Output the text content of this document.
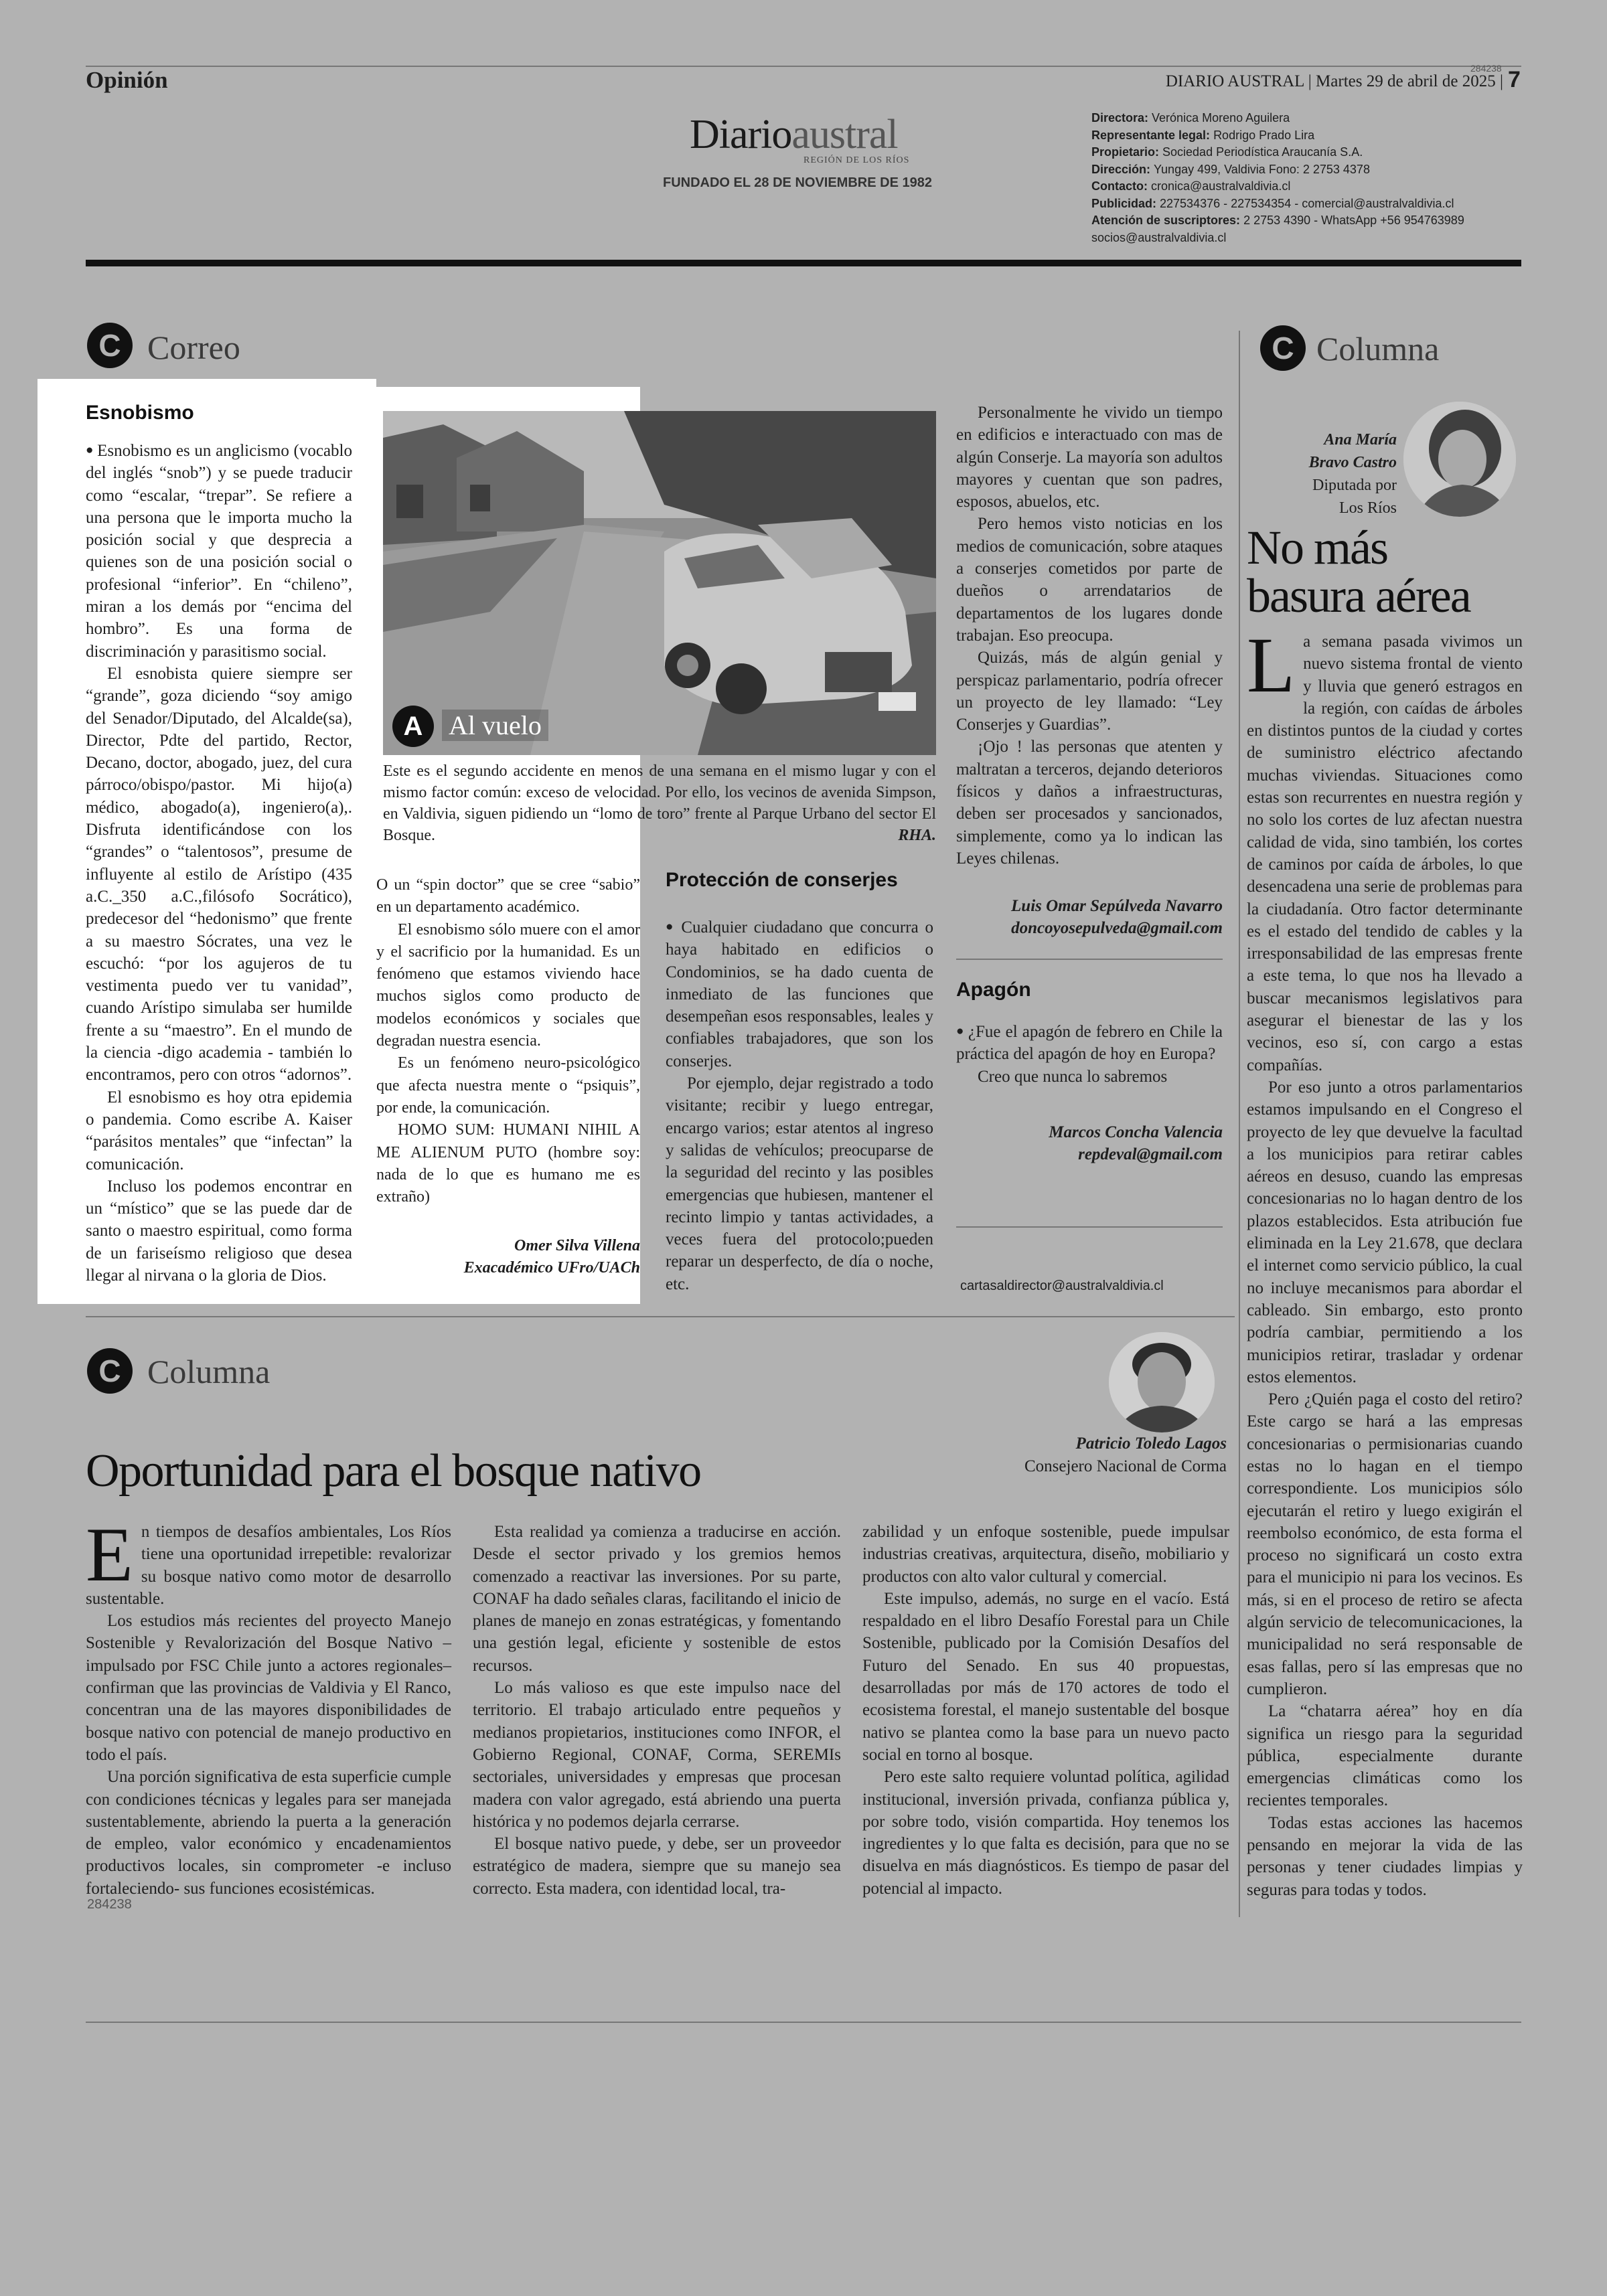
Opinión	DIARIO AUSTRAL | Martes 29 de abril de 2025 | 7
284238
Diarioaustral
REGIÓN DE LOS RÍOS
FUNDADO EL 28 DE NOVIEMBRE DE 1982
Directora: Verónica Moreno Aguilera
Representante legal: Rodrigo Prado Lira
Propietario: Sociedad Periodística Araucanía S.A.
Dirección: Yungay 499, Valdivia Fono: 2 2753 4378
Contacto: cronica@australvaldivia.cl
Publicidad: 227534376 - 227534354 - comercial@australvaldivia.cl
Atención de suscriptores: 2 2753 4390 - WhatsApp +56 954763989
socios@australvaldivia.cl
C Correo
Esnobismo

● Esnobismo es un anglicismo (vocablo del inglés “snob”) y se puede traducir como “escalar, “trepar”. Se refiere a una persona que le importa mucho la posición social y que desprecia a quienes son de una posición social o profesional “inferior”. En “chileno”, miran a los demás por “encima del hombro”. Es una forma de discriminación y parasitismo social.

El esnobista quiere siempre ser “grande”, goza diciendo “soy amigo del Senador/Diputado, del Alcalde(sa), Director, Pdte del partido, Rector, Decano, doctor, abogado, juez, del cura párroco/obispo/pastor. Mi hijo(a) médico, abogado(a), ingeniero(a),. Disfruta identificándose con los “grandes” o “talentosos”, presume de influyente al estilo de Arístipo (435 a.C._350 a.C.,filósofo Socrático), predecesor del “hedonismo” que frente a su maestro Sócrates, una vez le escuchó: “por los agujeros de tu vestimenta puedo ver tu vanidad”, cuando Arístipo simulaba ser humilde frente a su “maestro”. En el mundo de la ciencia -digo academia - también lo encontramos, pero con otros “adornos”.

El esnobismo es hoy otra epidemia o pandemia. Como escribe A. Kaiser “parásitos mentales” que “infectan” la comunicación.

Incluso los podemos encontrar en un “místico” que se las puede dar de santo o maestro espiritual, como forma de un fariseísmo religioso que desea llegar al nirvana o la gloria de Dios.

A Al vuelo
Este es el segundo accidente en menos de una semana en el mismo lugar y con el mismo factor común: exceso de velocidad. Por ello, los vecinos de avenida Simpson, en Valdivia, siguen pidiendo un “lomo de toro” frente al Parque Urbano del sector El Bosque.	RHA.

O un “spin doctor” que se cree “sabio” en un departamento académico.

El esnobismo sólo muere con el amor y el sacrificio por la humanidad. Es un fenómeno que estamos viviendo hace muchos siglos como producto de modelos económicos y sociales que degradan nuestra esencia.

Es un fenómeno neuro-psicológico que afecta nuestra mente o “psiquis”, por ende, la comunicación.

HOMO SUM: HUMANI NIHIL A ME ALIENUM PUTO (hombre soy: nada de lo que es humano me es extraño)

Omer Silva Villena
Exacadémico UFro/UACh
Protección de conserjes

● Cualquier ciudadano que concurra o haya habitado en edificios o Condominios, se ha dado cuenta de inmediato de las funciones que desempeñan esos responsables, leales y confiables trabajadores, que son los conserjes.

Por ejemplo, dejar registrado a todo visitante; recibir y luego entregar, encargo varios; estar atentos al ingreso y salidas de vehículos; preocuparse de la seguridad del recinto y las posibles emergencias que hubiesen, mantener el recinto limpio y tantas actividades, a veces fuera del protocolo;pueden reparar un desperfecto, de día o noche, etc.

Personalmente he vivido un tiempo en edificios e interactuado con mas de algún Conserje. La mayoría son adultos mayores y cuentan que son padres, esposos, abuelos, etc.

Pero hemos visto noticias en los medios de comunicación, sobre ataques a conserjes cometidos por parte de dueños o arrendatarios de departamentos de los lugares donde trabajan. Eso preocupa.

Quizás, más de algún genial y perspicaz parlamentario, podría ofrecer un proyecto de ley llamado: “Ley Conserjes y Guardias”.

¡Ojo ! las personas que atenten y maltratan a terceros, dejando deterioros físicos y daños a infraestructuras, deben ser procesados y sancionados, simplemente, como ya lo indican las Leyes chilenas.

Luis Omar Sepúlveda Navarro
doncoyosepulveda@gmail.com
Apagón

● ¿Fue el apagón de febrero en Chile la práctica del apagón de hoy en Europa?

Creo que nunca lo sabremos

Marcos Concha Valencia
repdeval@gmail.com
cartasaldirector@australvaldivia.cl
C Columna
Ana María
Bravo Castro
Diputada por
Los Ríos
No más
basura aérea

La semana pasada vivimos un nuevo sistema frontal de viento y lluvia que generó estragos en la región, con caídas de árboles en distintos puntos de la ciudad y cortes de suministro eléctrico afectando muchas viviendas. Situaciones como estas son recurrentes en nuestra región y no solo los cortes de luz afectan nuestra calidad de vida, sino también, los cortes de caminos por caída de árboles, lo que desencadena una serie de problemas para la ciudadanía. Otro factor determinante es el estado del tendido de cables y la irresponsabilidad de las empresas frente a este tema, lo que nos ha llevado a buscar mecanismos legislativos para asegurar el bienestar de las y los vecinos, eso sí, con cargo a estas compañías.

Por eso junto a otros parlamentarios estamos impulsando en el Congreso el proyecto de ley que devuelve la facultad a los municipios para retirar cables aéreos en desuso, cuando las empresas concesionarias no lo hagan dentro de los plazos establecidos. Esta atribución fue eliminada en la Ley 21.678, que declara el internet como servicio público, la cual no incluye mecanismos para abordar el cableado. Sin embargo, esto pronto podría cambiar, permitiendo a los municipios retirar, trasladar y ordenar estos elementos.

Pero ¿Quién paga el costo del retiro? Este cargo se hará a las empresas concesionarias o permisionarias cuando estas no lo hagan en el tiempo correspondiente. Los municipios sólo ejecutarán el retiro y luego exigirán el reembolso económico, de esta forma el proceso no significará un costo extra para el municipio ni para los vecinos. Es más, si en el proceso de retiro se afecta algún servicio de telecomunicaciones, la municipalidad no será responsable de esas fallas, pero sí las empresas que no cumplieron.

La “chatarra aérea” hoy en día significa un riesgo para la seguridad pública, especialmente durante emergencias climáticas como los recientes temporales.

Todas estas acciones las hacemos pensando en mejorar la vida de las personas y tener ciudades limpias y seguras para todas y todos.

C Columna
Patricio Toledo Lagos
Consejero Nacional de Corma
Oportunidad para el bosque nativo

En tiempos de desafíos ambientales, Los Ríos tiene una oportunidad irrepetible: revalorizar su bosque nativo como motor de desarrollo sustentable.

Los estudios más recientes del proyecto Manejo Sostenible y Revalorización del Bosque Nativo –impulsado por FSC Chile junto a actores regionales– confirman que las provincias de Valdivia y El Ranco, concentran una de las mayores disponibilidades de bosque nativo con potencial de manejo productivo en todo el país.

Una porción significativa de esta superficie cumple con condiciones técnicas y legales para ser manejada sustentablemente, abriendo la puerta a la generación de empleo, valor económico y encadenamientos productivos locales, sin comprometer -e incluso fortaleciendo- sus funciones ecosistémicas.

Esta realidad ya comienza a traducirse en acción. Desde el sector privado y los gremios hemos comenzado a reactivar las inversiones. Por su parte, CONAF ha dado señales claras, facilitando el inicio de planes de manejo en zonas estratégicas, y fomentando una gestión legal, eficiente y sostenible de estos recursos.

Lo más valioso es que este impulso nace del territorio. El trabajo articulado entre pequeños y medianos propietarios, instituciones como INFOR, el Gobierno Regional, CONAF, Corma, SEREMIs sectoriales, universidades y empresas que procesan madera con valor agregado, está abriendo una puerta histórica y no podemos dejarla cerrarse.

El bosque nativo puede, y debe, ser un proveedor estratégico de madera, siempre que su manejo sea correcto. Esta madera, con identidad local, tra-

zabilidad y un enfoque sostenible, puede impulsar industrias creativas, arquitectura, diseño, mobiliario y productos con alto valor cultural y comercial.

Este impulso, además, no surge en el vacío. Está respaldado en el libro Desafío Forestal para un Chile Sostenible, publicado por la Comisión Desafíos del Futuro del Senado. En sus 40 propuestas, desarrolladas por más de 170 actores de todo el ecosistema forestal, el manejo sustentable del bosque nativo se plantea como la base para un nuevo pacto social en torno al bosque.

Pero este salto requiere voluntad política, agilidad institucional, inversión privada, confianza pública y, por sobre todo, visión compartida. Hoy tenemos los ingredientes y lo que falta es decisión, para que no se disuelva en más diagnósticos. Es tiempo de pasar del potencial al impacto.

284238
